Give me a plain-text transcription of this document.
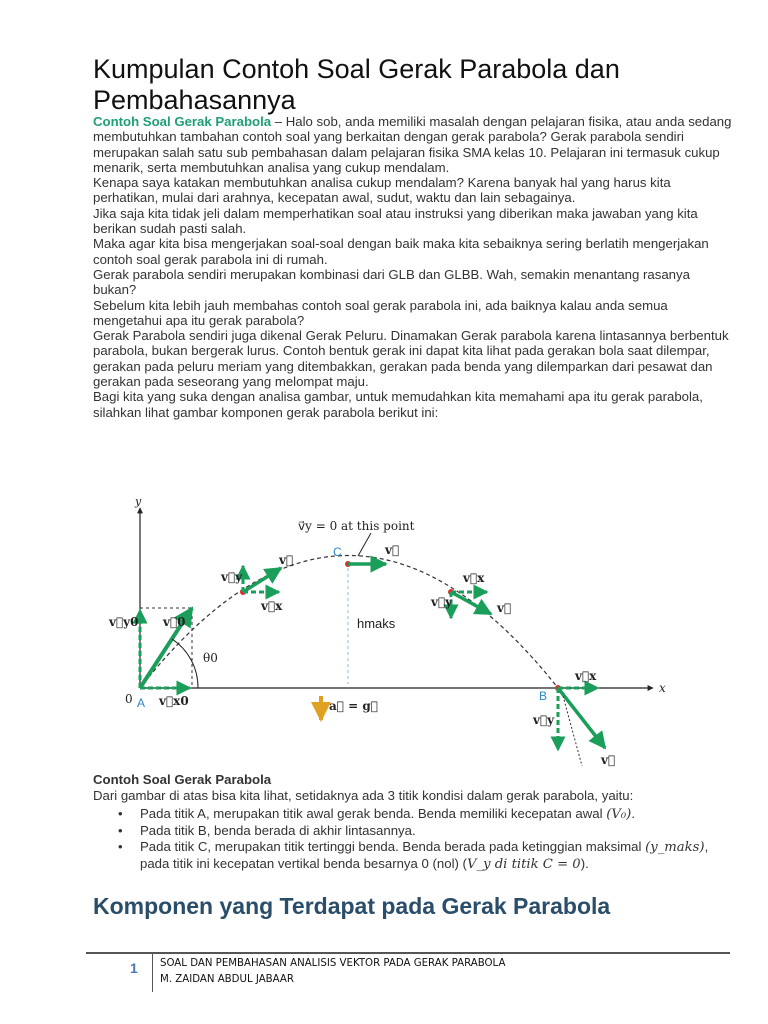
Kumpulan Contoh Soal Gerak Parabola dan Pembahasannya

Contoh Soal Gerak Parabola – Halo sob, anda memiliki masalah dengan pelajaran fisika, atau anda sedang membutuhkan tambahan contoh soal yang berkaitan dengan gerak parabola? Gerak parabola sendiri merupakan salah satu sub pembahasan dalam pelajaran fisika SMA kelas 10. Pelajaran ini termasuk cukup menarik, serta membutuhkan analisa yang cukup mendalam.

Kenapa saya katakan membutuhkan analisa cukup mendalam? Karena banyak hal yang harus kita perhatikan, mulai dari arahnya, kecepatan awal, sudut, waktu dan lain sebagainya.

Jika saja kita tidak jeli dalam memperhatikan soal atau instruksi yang diberikan maka jawaban yang kita berikan sudah pasti salah.

Maka agar kita bisa mengerjakan soal-soal dengan baik maka kita sebaiknya sering berlatih mengerjakan contoh soal gerak parabola ini di rumah.

Gerak parabola sendiri merupakan kombinasi dari GLB dan GLBB. Wah, semakin menantang rasanya bukan?

Sebelum kita lebih jauh membahas contoh soal gerak parabola ini, ada baiknya kalau anda semua mengetahui apa itu gerak parabola?

Gerak Parabola sendiri juga dikenal Gerak Peluru. Dinamakan Gerak parabola karena lintasannya berbentuk parabola, bukan bergerak lurus. Contoh bentuk gerak ini dapat kita lihat pada gerakan bola saat dilempar, gerakan pada peluru meriam yang ditembakkan, gerakan pada benda yang dilemparkan dari pesawat dan gerakan pada seseorang yang melompat maju.

Bagi kita yang suka dengan analisa gambar, untuk memudahkan kita memahami apa itu gerak parabola, silahkan lihat gambar komponen gerak parabola berikut ini:

y
x
0
v⃗y0 v⃗0
v⃗x0
θ0
A
v⃗
v⃗y
v⃗x
v⃗y = 0 at this point
v⃗
C
hmaks
a⃗ = g⃗
v⃗x
v⃗y	v⃗
v⃗x
v⃗y
v⃗
B
Contoh Soal Gerak Parabola
Dari gambar di atas bisa kita lihat, setidaknya ada 3 titik kondisi dalam gerak parabola, yaitu:
• Pada titik A, merupakan titik awal gerak benda. Benda memiliki kecepatan awal (V₀).
• Pada titik B, benda berada di akhir lintasannya.
• Pada titik C, merupakan titik tertinggi benda. Benda berada pada ketinggian maksimal (y_maks), pada titik ini kecepatan vertikal benda besarnya 0 (nol) (V_y di titik C = 0).
Komponen yang Terdapat pada Gerak Parabola
1 SOAL DAN PEMBAHASAN ANALISIS VEKTOR PADA GERAK PARABOLA
M. ZAIDAN ABDUL JABAAR
